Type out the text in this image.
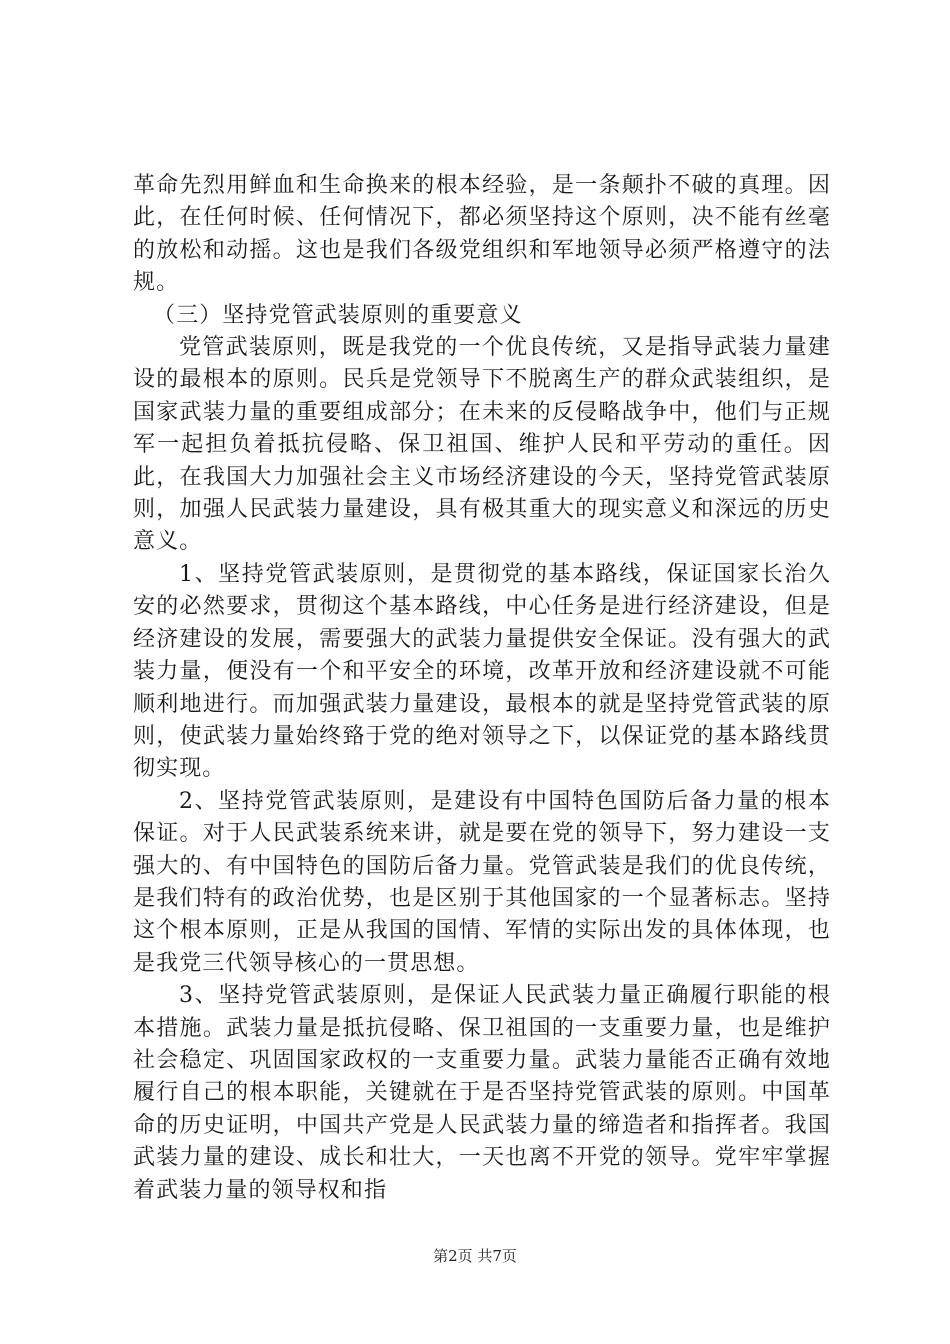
革命先烈用鲜血和生命换来的根本经验，是一条颠扑不破的真理。因此，在任何时候、任何情况下，都必须坚持这个原则，决不能有丝毫的放松和动摇。这也是我们各级党组织和军地领导必须严格遵守的法规。

（三）坚持党管武装原则的重要意义

党管武装原则，既是我党的一个优良传统，又是指导武装力量建设的最根本的原则。民兵是党领导下不脱离生产的群众武装组织，是国家武装力量的重要组成部分；在未来的反侵略战争中，他们与正规军一起担负着抵抗侵略、保卫祖国、维护人民和平劳动的重任。因此，在我国大力加强社会主义市场经济建设的今天，坚持党管武装原则，加强人民武装力量建设，具有极其重大的现实意义和深远的历史意义。

1、坚持党管武装原则，是贯彻党的基本路线，保证国家长治久安的必然要求，贯彻这个基本路线，中心任务是进行经济建设，但是经济建设的发展，需要强大的武装力量提供安全保证。没有强大的武装力量，便没有一个和平安全的环境，改革开放和经济建设就不可能顺利地进行。而加强武装力量建设，最根本的就是坚持党管武装的原则，使武装力量始终臵于党的绝对领导之下，以保证党的基本路线贯彻实现。

2、坚持党管武装原则，是建设有中国特色国防后备力量的根本保证。对于人民武装系统来讲，就是要在党的领导下，努力建设一支强大的、有中国特色的国防后备力量。党管武装是我们的优良传统，是我们特有的政治优势，也是区别于其他国家的一个显著标志。坚持这个根本原则，正是从我国的国情、军情的实际出发的具体体现，也是我党三代领导核心的一贯思想。

3、坚持党管武装原则，是保证人民武装力量正确履行职能的根本措施。武装力量是抵抗侵略、保卫祖国的一支重要力量，也是维护社会稳定、巩固国家政权的一支重要力量。武装力量能否正确有效地履行自己的根本职能，关键就在于是否坚持党管武装的原则。中国革命的历史证明，中国共产党是人民武装力量的缔造者和指挥者。我国武装力量的建设、成长和壮大，一天也离不开党的领导。党牢牢掌握着武装力量的领导权和指

第2页 共7页
